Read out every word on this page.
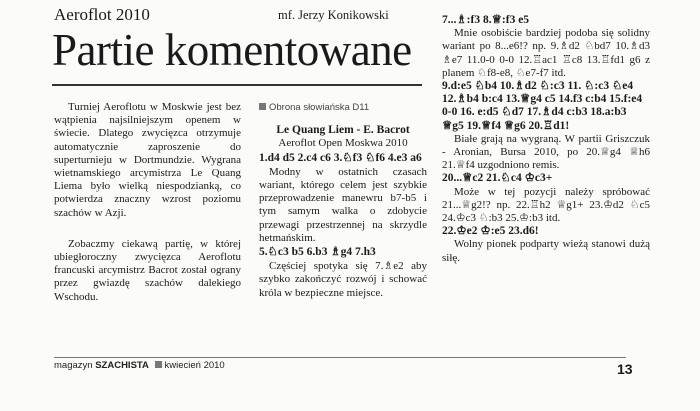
Aeroflot 2010	mf. Jerzy Konikowski
Partie komentowane

Turniej Aeroflotu w Moskwie jest bez wątpienia najsilniejszym openem w świecie. Dlatego zwycięzca otrzymuje automatycznie zaproszenie do superturnieju w Dortmundzie. Wygrana wietnamskiego arcymistrza Le Quang Liema było wielką niespodzianką, co potwierdza znaczny wzrost poziomu szachów w Azji.

Zobaczmy ciekawą partię, w której ubiegłoroczny zwycięzca Aeroflotu francuski arcymistrz Bacrot został ograny przez gwiazdę szachów dalekiego Wschodu.

Obrona słowiańska D11

Le Quang Liem - E. Bacrot

Aeroflot Open Moskwa 2010

1.d4 d5 2.c4 c6 3.♘f3 ♘f6 4.e3 a6

Modny w ostatnich czasach wariant, którego celem jest szybkie przeprowadzenie manewru b7-b5 i tym samym walka o zdobycie przewagi przestrzennej na skrzydle hetmańskim.

5.♘c3 b5 6.b3 ♗g4 7.h3

Częściej spotyka się 7.♗e2 aby szybko zakończyć rozwój i schować króla w bezpieczne miejsce.

7...♗:f3 8.♕:f3 e5

Mnie osobiście bardziej podoba się solidny wariant po 8...e6!? np. 9.♗d2 ♘bd7 10.♗d3 ♗e7 11.0-0 0-0 12.♖ac1 ♖c8 13.♖fd1 g6 z planem ♘f8-e8, ♘e7-f7 itd.

9.d:e5 ♘b4 10.♗d2 ♘:c3 11. ♘:c3 ♘e4 12.♗b4 b:c4 13.♕g4 c5 14.f3 c:b4 15.f:e4 0-0 16. e:d5 ♘d7 17.♗d4 c:b3 18.a:b3 ♕g5 19.♕f4 ♕g6 20.♖d1!

Białe grają na wygraną. W partii Griszczuk - Aronian, Bursa 2010, po 20.♕g4 ♕h6 21.♕f4 uzgodniono remis.

20...♕c2 21.♘c4 ♔c3+

Może w tej pozycji należy spróbować 21...♕g2!? np. 22.♖h2 ♕g1+ 23.♔d2 ♘c5 24.♔c3 ♘:b3 25.♔:b3 itd.

22.♔e2 ♔:e5 23.d6!

Wolny pionek podparty wieżą stanowi dużą siłę.

magazyn SZACHISTA kwiecień 2010	13
